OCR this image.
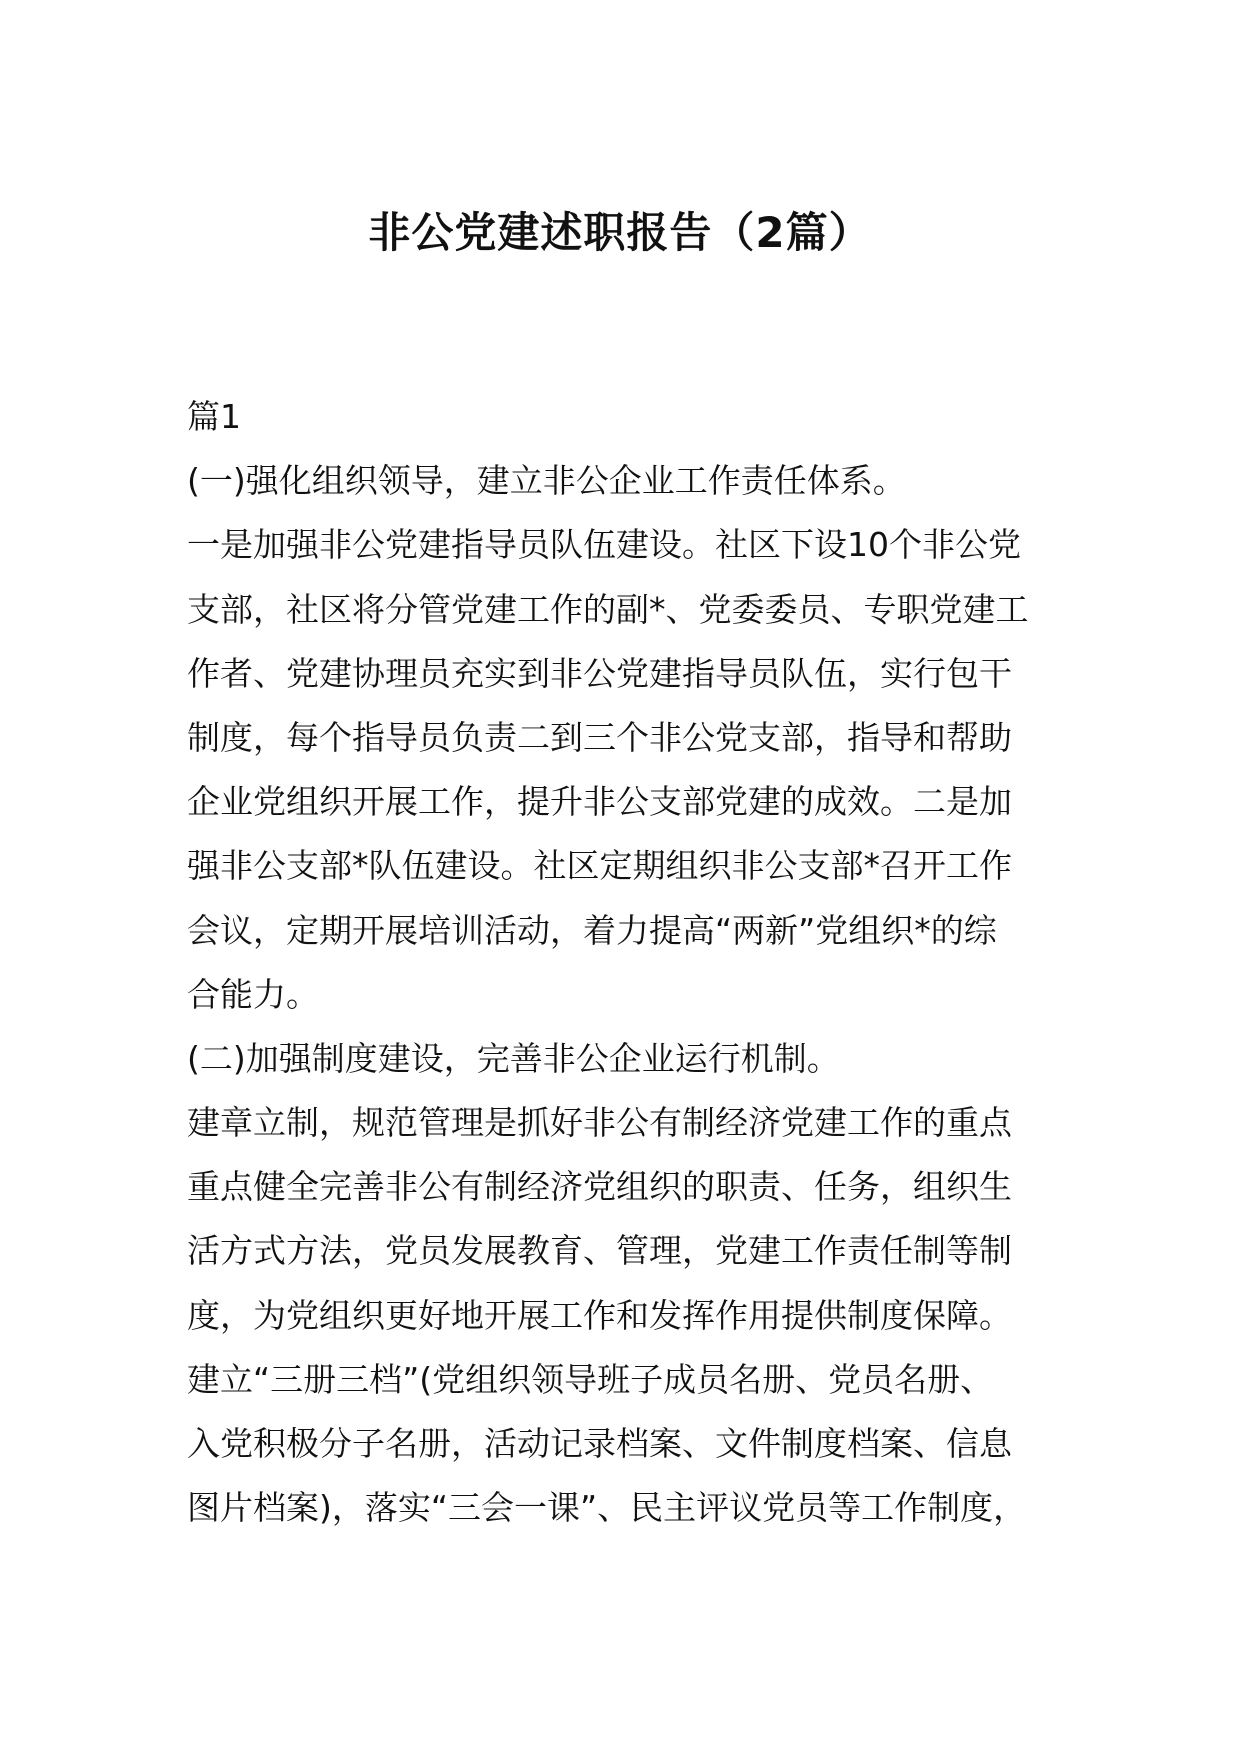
非公党建述职报告（2篇）
篇1
(一)强化组织领导，建立非公企业工作责任体系。
一是加强非公党建指导员队伍建设。社区下设10个非公党
支部，社区将分管党建工作的副*、党委委员、专职党建工
作者、党建协理员充实到非公党建指导员队伍，实行包干
制度，每个指导员负责二到三个非公党支部，指导和帮助
企业党组织开展工作，提升非公支部党建的成效。二是加
强非公支部*队伍建设。社区定期组织非公支部*召开工作
会议，定期开展培训活动，着力提高“两新”党组织*的综
合能力。
(二)加强制度建设，完善非公企业运行机制。
建章立制，规范管理是抓好非公有制经济党建工作的重点
重点健全完善非公有制经济党组织的职责、任务，组织生
活方式方法，党员发展教育、管理，党建工作责任制等制
度，为党组织更好地开展工作和发挥作用提供制度保障。
建立“三册三档”(党组织领导班子成员名册、党员名册、
入党积极分子名册，活动记录档案、文件制度档案、信息
图片档案)，落实“三会一课”、民主评议党员等工作制度，
